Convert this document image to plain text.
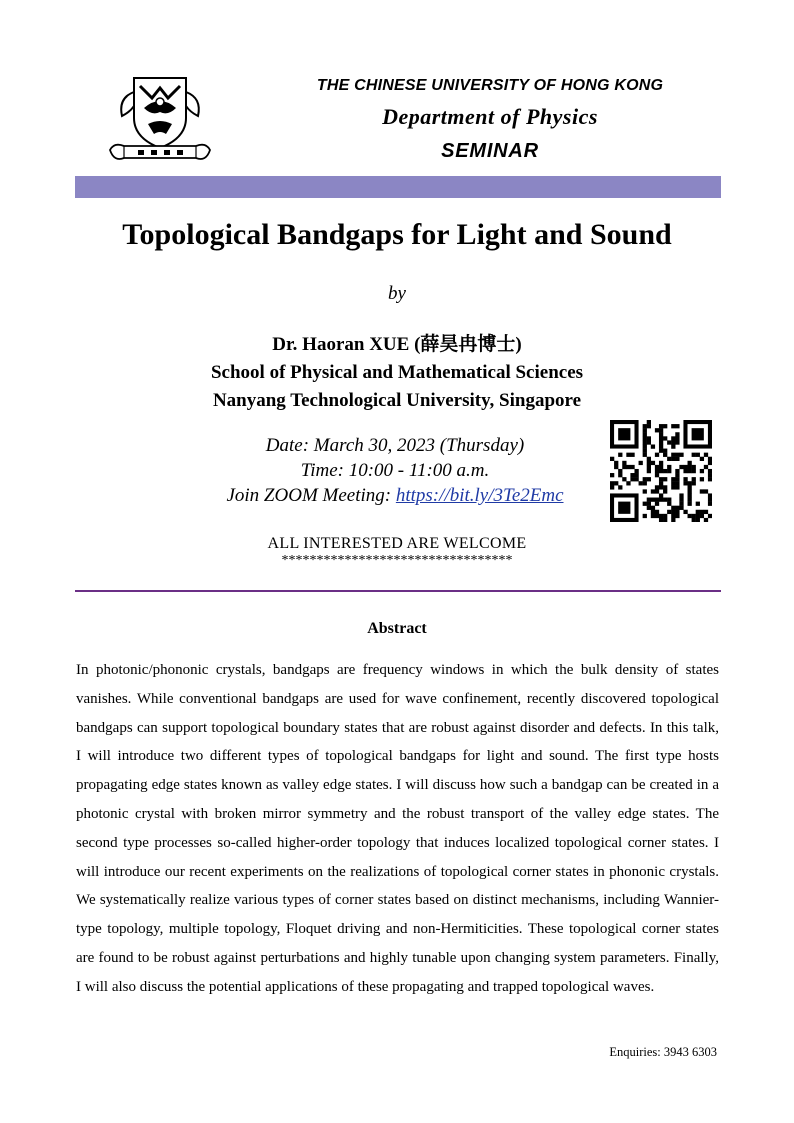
THE CHINESE UNIVERSITY OF HONG KONG
Department of Physics
SEMINAR
Topological Bandgaps for Light and Sound
by
Dr. Haoran XUE (薛昊冉博士)
School of Physical and Mathematical Sciences
Nanyang Technological University, Singapore
Date: March 30, 2023 (Thursday)
Time: 10:00 - 11:00 a.m.
Join ZOOM Meeting: https://bit.ly/3Te2Emc
ALL INTERESTED ARE WELCOME
*********************************
Abstract
In photonic/phononic crystals, bandgaps are frequency windows in which the bulk density of states vanishes. While conventional bandgaps are used for wave confinement, recently discovered topological bandgaps can support topological boundary states that are robust against disorder and defects. In this talk, I will introduce two different types of topological bandgaps for light and sound. The first type hosts propagating edge states known as valley edge states. I will discuss how such a bandgap can be created in a photonic crystal with broken mirror symmetry and the robust transport of the valley edge states. The second type processes so-called higher-order topology that induces localized topological corner states. I will introduce our recent experiments on the realizations of topological corner states in phononic crystals. We systematically realize various types of corner states based on distinct mechanisms, including Wannier-type topology, multiple topology, Floquet driving and non-Hermiticities. These topological corner states are found to be robust against perturbations and highly tunable upon changing system parameters. Finally, I will also discuss the potential applications of these propagating and trapped topological waves.
Enquiries: 3943 6303
